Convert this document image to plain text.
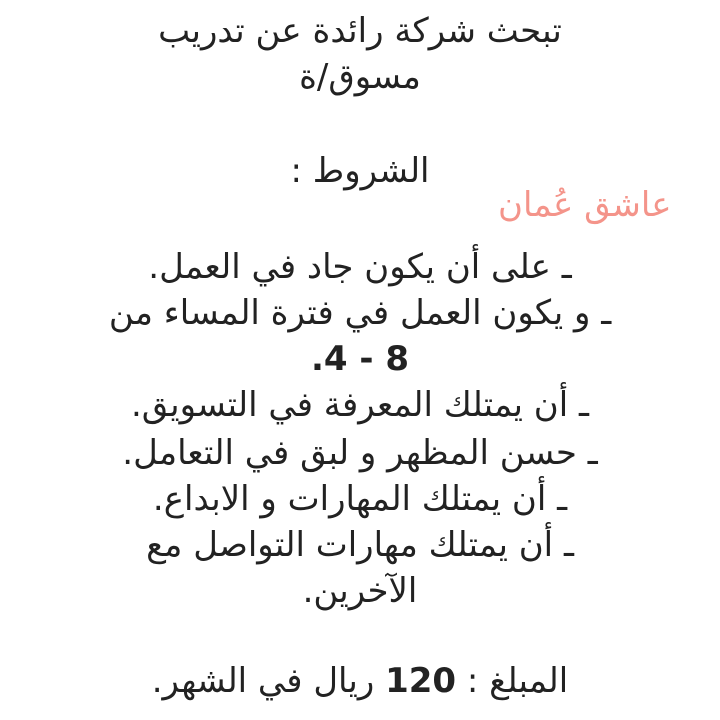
تبحث شركة رائدة عن تدريب
مسوق/ة
الشروط :
عاشق عُمان
ـ على أن يكون جاد في العمل.
ـ و يكون العمل في فترة المساء من
8 - 4.
ـ أن يمتلك المعرفة في التسويق.
ـ حسن المظهر و لبق في التعامل.
ـ أن يمتلك المهارات و الابداع.
ـ أن يمتلك مهارات التواصل مع
الآخرين.
المبلغ : 120 ريال في الشهر.
